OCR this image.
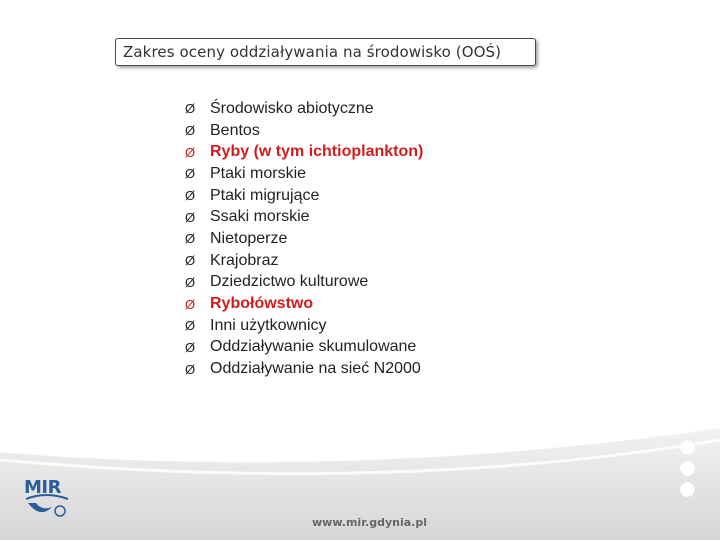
Zakres oceny oddziaływania na środowisko (OOŚ)
Ø Środowisko abiotyczne
Ø Bentos
Ø Ryby (w tym ichtioplankton)
Ø Ptaki morskie
Ø Ptaki migrujące
Ø Ssaki morskie
Ø Nietoperze
Ø Krajobraz
Ø Dziedzictwo kulturowe
Ø Rybołówstwo
Ø Inni użytkownicy
Ø Oddziaływanie skumulowane
Ø Oddziaływanie na sieć N2000
MIR
www.mir.gdynia.pl
